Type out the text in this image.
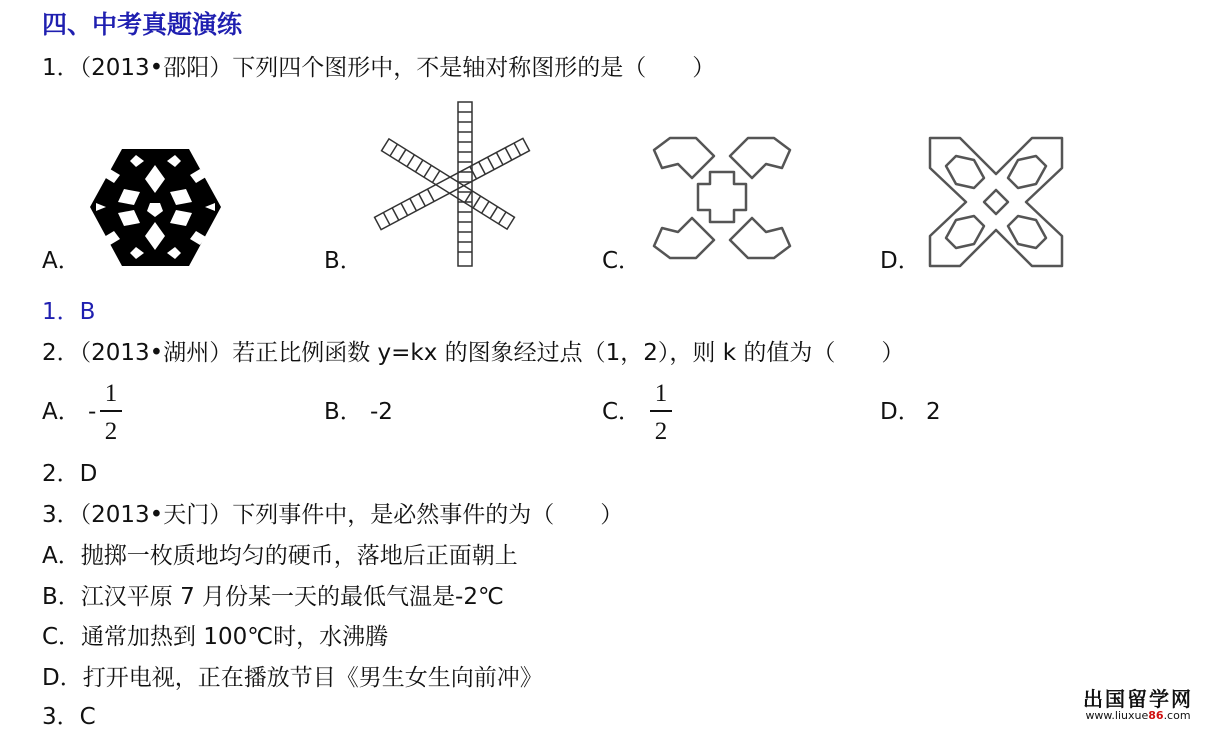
四、中考真题演练
1．（2013•邵阳）下列四个图形中，不是轴对称图形的是（　　）
A．	B．	C．	D．
1．B
2．（2013•湖州）若正比例函数 y=kx 的图象经过点（1，2），则 k 的值为（　　）
A． -
1
2
B． -2	C．
1
2
D． 2
2．D
3．（2013•天门）下列事件中，是必然事件的为（　　）
A．抛掷一枚质地均匀的硬币，落地后正面朝上
B．江汉平原 7 月份某一天的最低气温是-2℃
C．通常加热到 100℃时，水沸腾
D．打开电视，正在播放节目《男生女生向前冲》
3．C
出国留学网
www.liuxue86.com
